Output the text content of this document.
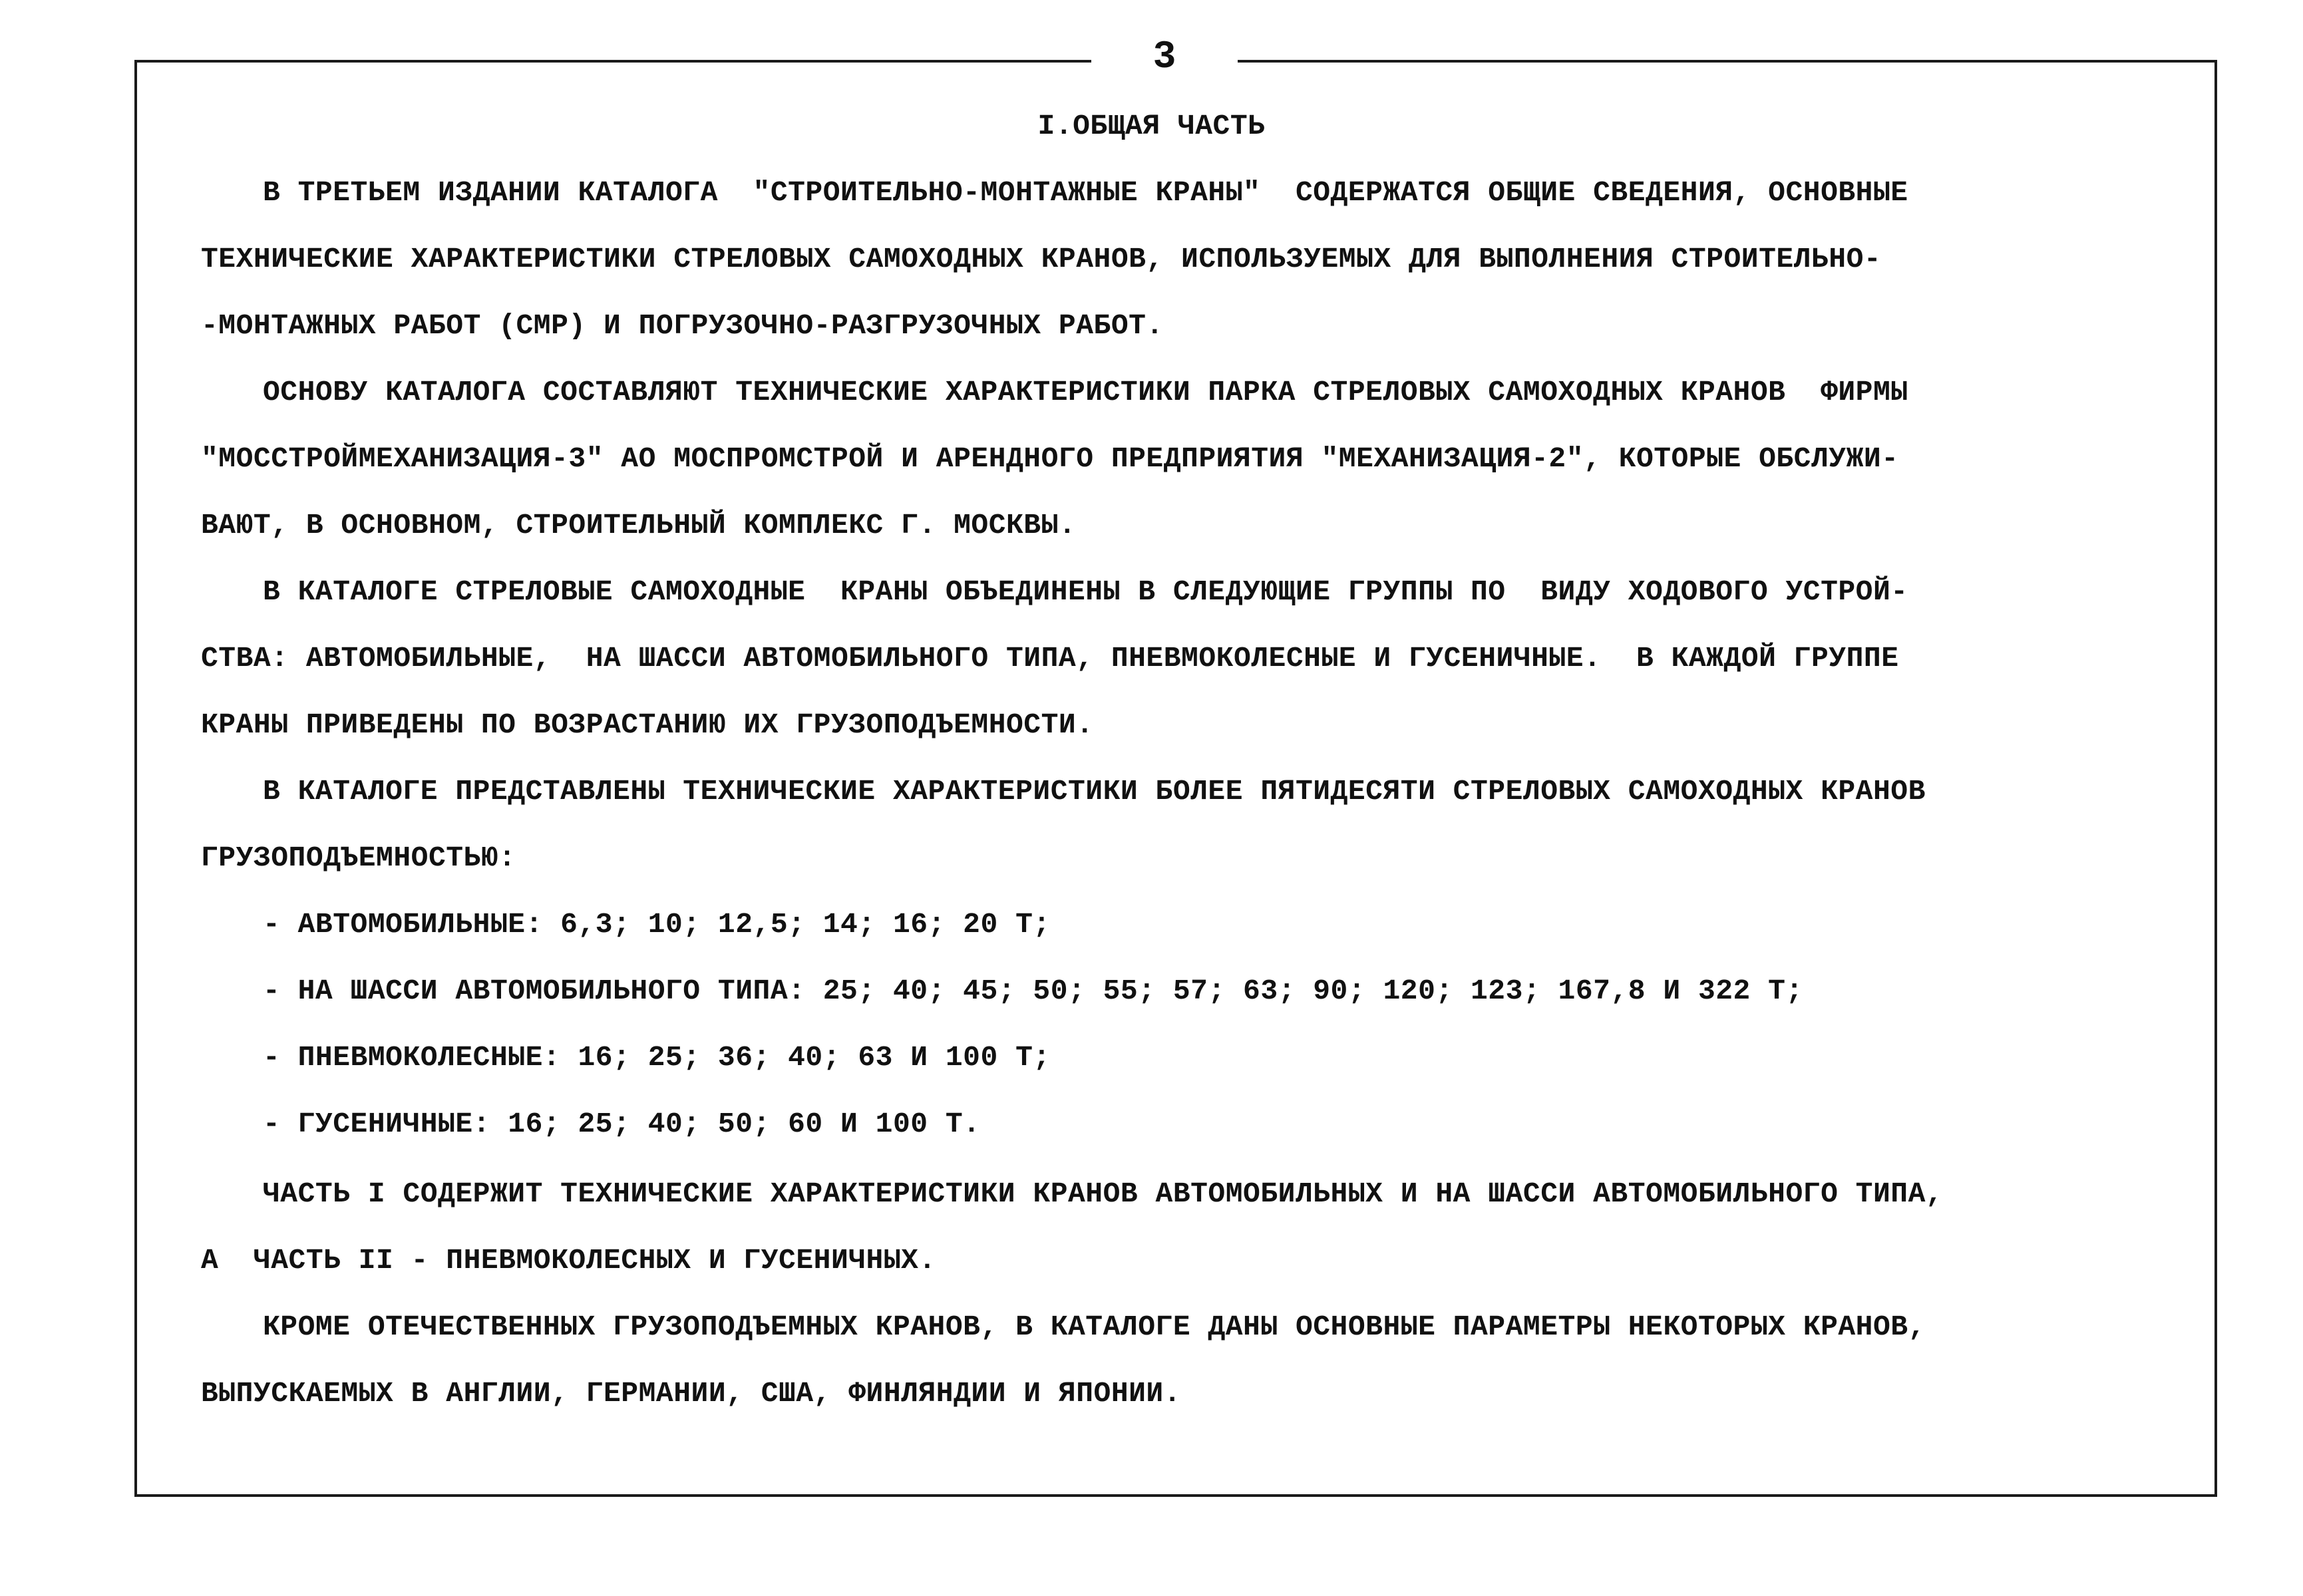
3
I.ОБЩАЯ ЧАСТЬ
В ТРЕТЬЕМ ИЗДАНИИ КАТАЛОГА  "СТРОИТЕЛЬНО-МОНТАЖНЫЕ КРАНЫ"  СОДЕРЖАТСЯ ОБЩИЕ СВЕДЕНИЯ, ОСНОВНЫЕ
ТЕХНИЧЕСКИЕ ХАРАКТЕРИСТИКИ СТРЕЛОВЫХ САМОХОДНЫХ КРАНОВ, ИСПОЛЬЗУЕМЫХ ДЛЯ ВЫПОЛНЕНИЯ СТРОИТЕЛЬНО-
-МОНТАЖНЫХ РАБОТ (СМР) И ПОГРУЗОЧНО-РАЗГРУЗОЧНЫХ РАБОТ.
ОСНОВУ КАТАЛОГА СОСТАВЛЯЮТ ТЕХНИЧЕСКИЕ ХАРАКТЕРИСТИКИ ПАРКА СТРЕЛОВЫХ САМОХОДНЫХ КРАНОВ  ФИРМЫ
"МОССТРОЙМЕХАНИЗАЦИЯ-3" АО МОСПРОМСТРОЙ И АРЕНДНОГО ПРЕДПРИЯТИЯ "МЕХАНИЗАЦИЯ-2", КОТОРЫЕ ОБСЛУЖИ-
ВАЮТ, В ОСНОВНОМ, СТРОИТЕЛЬНЫЙ КОМПЛЕКС Г. МОСКВЫ.
В КАТАЛОГЕ СТРЕЛОВЫЕ САМОХОДНЫЕ  КРАНЫ ОБЪЕДИНЕНЫ В СЛЕДУЮЩИЕ ГРУППЫ ПО  ВИДУ ХОДОВОГО УСТРОЙ-
СТВА: АВТОМОБИЛЬНЫЕ,  НА ШАССИ АВТОМОБИЛЬНОГО ТИПА, ПНЕВМОКОЛЕСНЫЕ И ГУСЕНИЧНЫЕ.  В КАЖДОЙ ГРУППЕ
КРАНЫ ПРИВЕДЕНЫ ПО ВОЗРАСТАНИЮ ИХ ГРУЗОПОДЪЕМНОСТИ.
В КАТАЛОГЕ ПРЕДСТАВЛЕНЫ ТЕХНИЧЕСКИЕ ХАРАКТЕРИСТИКИ БОЛЕЕ ПЯТИДЕСЯТИ СТРЕЛОВЫХ САМОХОДНЫХ КРАНОВ
ГРУЗОПОДЪЕМНОСТЬЮ:
- АВТОМОБИЛЬНЫЕ: 6,3; 10; 12,5; 14; 16; 20 Т;
- НА ШАССИ АВТОМОБИЛЬНОГО ТИПА: 25; 40; 45; 50; 55; 57; 63; 90; 120; 123; 167,8 И 322 Т;
- ПНЕВМОКОЛЕСНЫЕ: 16; 25; 36; 40; 63 И 100 Т;
- ГУСЕНИЧНЫЕ: 16; 25; 40; 50; 60 И 100 Т.
ЧАСТЬ I СОДЕРЖИТ ТЕХНИЧЕСКИЕ ХАРАКТЕРИСТИКИ КРАНОВ АВТОМОБИЛЬНЫХ И НА ШАССИ АВТОМОБИЛЬНОГО ТИПА,
А  ЧАСТЬ II - ПНЕВМОКОЛЕСНЫХ И ГУСЕНИЧНЫХ.
КРОМЕ ОТЕЧЕСТВЕННЫХ ГРУЗОПОДЪЕМНЫХ КРАНОВ, В КАТАЛОГЕ ДАНЫ ОСНОВНЫЕ ПАРАМЕТРЫ НЕКОТОРЫХ КРАНОВ,
ВЫПУСКАЕМЫХ В АНГЛИИ, ГЕРМАНИИ, США, ФИНЛЯНДИИ И ЯПОНИИ.
